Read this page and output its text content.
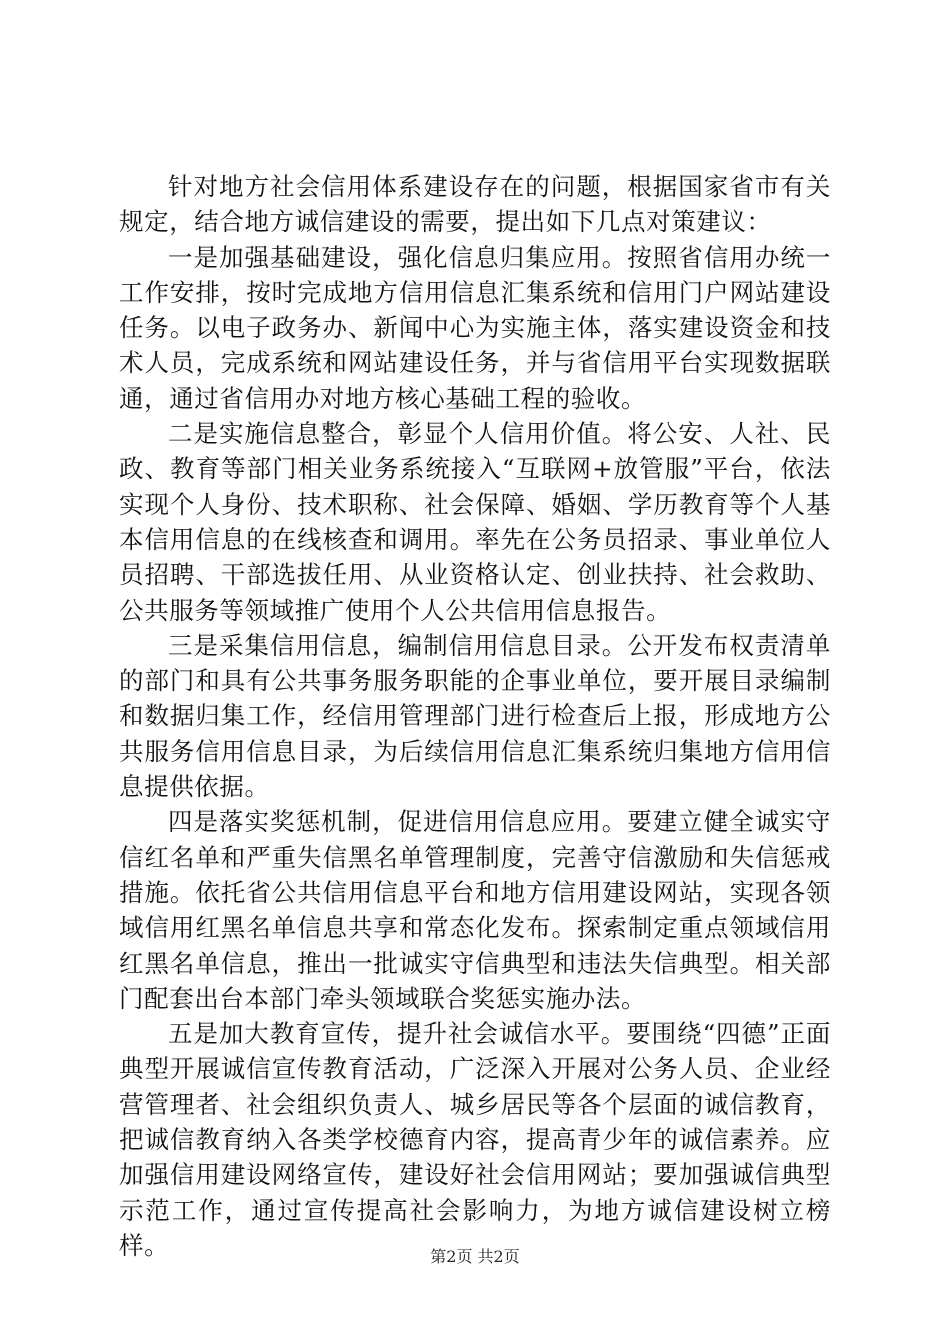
针对地方社会信用体系建设存在的问题，根据国家省市有关规定，结合地方诚信建设的需要，提出如下几点对策建议：

一是加强基础建设，强化信息归集应用。按照省信用办统一工作安排，按时完成地方信用信息汇集系统和信用门户网站建设任务。以电子政务办、新闻中心为实施主体，落实建设资金和技术人员，完成系统和网站建设任务，并与省信用平台实现数据联通，通过省信用办对地方核心基础工程的验收。

二是实施信息整合，彰显个人信用价值。将公安、人社、民政、教育等部门相关业务系统接入“互联网+放管服”平台，依法实现个人身份、技术职称、社会保障、婚姻、学历教育等个人基本信用信息的在线核查和调用。率先在公务员招录、事业单位人员招聘、干部选拔任用、从业资格认定、创业扶持、社会救助、公共服务等领域推广使用个人公共信用信息报告。

三是采集信用信息，编制信用信息目录。公开发布权责清单的部门和具有公共事务服务职能的企事业单位，要开展目录编制和数据归集工作，经信用管理部门进行检查后上报，形成地方公共服务信用信息目录，为后续信用信息汇集系统归集地方信用信息提供依据。

四是落实奖惩机制，促进信用信息应用。要建立健全诚实守信红名单和严重失信黑名单管理制度，完善守信激励和失信惩戒措施。依托省公共信用信息平台和地方信用建设网站，实现各领域信用红黑名单信息共享和常态化发布。探索制定重点领域信用红黑名单信息，推出一批诚实守信典型和违法失信典型。相关部门配套出台本部门牵头领域联合奖惩实施办法。

五是加大教育宣传，提升社会诚信水平。要围绕“四德”正面典型开展诚信宣传教育活动，广泛深入开展对公务人员、企业经营管理者、社会组织负责人、城乡居民等各个层面的诚信教育，把诚信教育纳入各类学校德育内容，提高青少年的诚信素养。应加强信用建设网络宣传，建设好社会信用网站；要加强诚信典型示范工作，通过宣传提高社会影响力，为地方诚信建设树立榜样。	第2页 共2页
